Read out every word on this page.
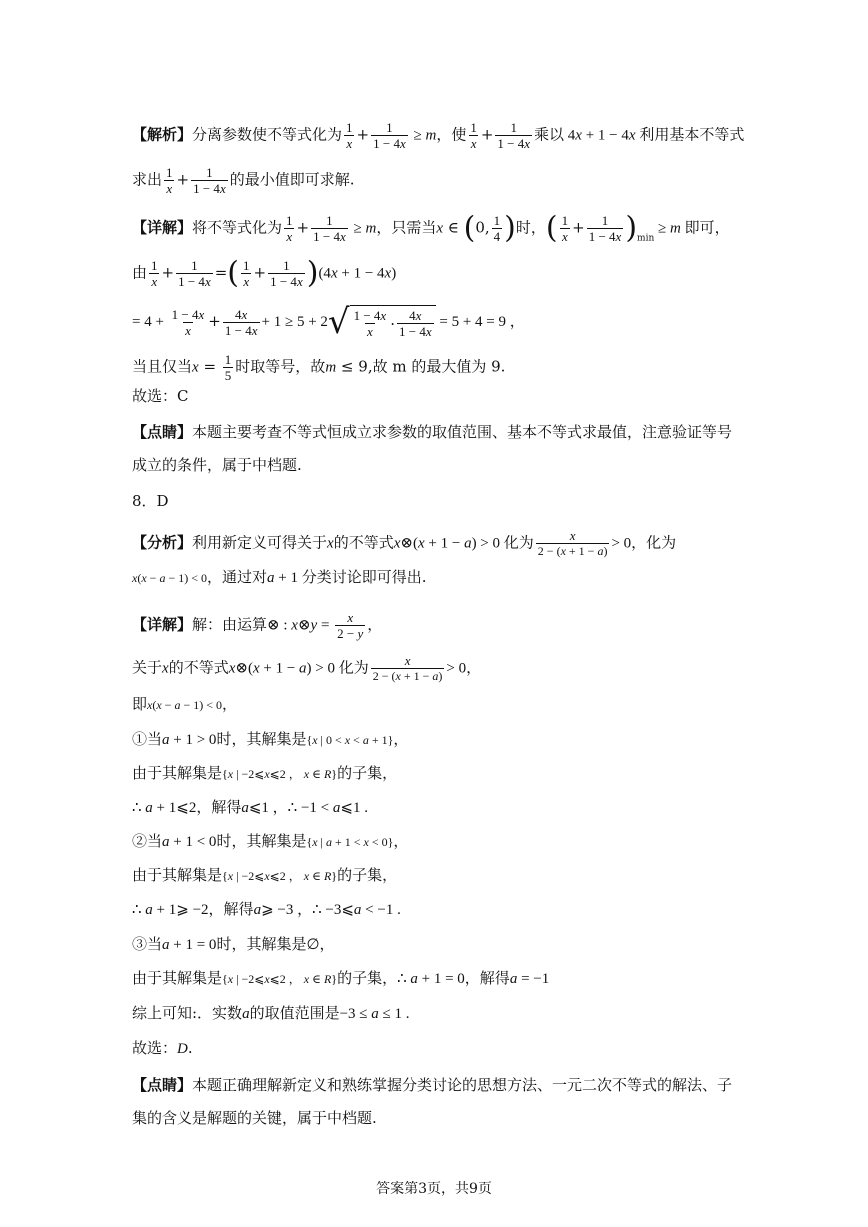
【解析】分离参数使不等式化为 $\frac{1}{x} + \frac{1}{1 - 4x} \ge m$，使 $\frac{1}{x} + \frac{1}{1 - 4x}$ 乘以 4x + 1 − 4x 利用基本不等式
求出 $\frac{1}{x} + \frac{1}{1 - 4x}$ 的最小值即可求解.
【详解】将不等式化为 $\frac{1}{x} + \frac{1}{1 - 4x} \ge m$，只需当x ∈ (0, $\frac{1}{4}$ )时，( $\frac{1}{x} + \frac{1}{1 - 4x} )_{min} \ge m$ 即可，
由 $\frac{1}{x} + \frac{1}{1 - 4x}$ =( $\frac{1}{x} + \frac{1}{1 - 4x} )(4x + 1 - 4x)$
= $4 + \frac{1 - 4x}{x} + \frac{4x}{1 - 4x} + 1 \ge 5 + 2$ √ $\frac{1 - 4x}{x} \cdot \frac{4x}{1 - 4x} = 5 + 4 = 9$ ，
当且仅当$x = \frac{1}{5}$ 时取等号，故m ≤ 9,故 m 的最大值为 9.
故选：C
【点睛】本题主要考查不等式恒成立求参数的取值范围、基本不等式求最值，注意验证等号
成立的条件，属于中档题.
8．D
【分析】利用新定义可得关于x的不等式x⊗(x + 1 − a) > 0 化为 $\frac{x}{2 - (x + 1 - a)} > 0$，化为
x(x − a − 1) < 0，通过对a + 1 分类讨论即可得出.
【详解】解：由运算⊗ : x⊗y = $\frac{x}{2 - y}$ ，
关于x的不等式x⊗(x + 1 − a) > 0 化为 $\frac{x}{2 - (x + 1 - a)} > 0$，
即x(x − a − 1) < 0，
①当a + 1 > 0时，其解集是{x | 0 < x < a + 1}，
由于其解集是{x | −2⩽x⩽2 ， x ∈ R}的子集，
∴ a + 1⩽2，解得a⩽1 ，∴ −1 < a⩽1 .
②当a + 1 < 0时，其解集是{x | a + 1 < x < 0}，
由于其解集是{x | −2⩽x⩽2 ， x ∈ R}的子集，
∴ a + 1⩾ −2，解得a⩾ −3 ，∴ −3⩽a < −1 .
③当a + 1 = 0时，其解集是∅，
由于其解集是{x | −2⩽x⩽2 ， x ∈ R}的子集，∴ a + 1 = 0，解得a = −1
综上可知:．实数a的取值范围是−3 ≤ a ≤ 1 .
故选：D.
【点睛】本题正确理解新定义和熟练掌握分类讨论的思想方法、一元二次不等式的解法、子
集的含义是解题的关键，属于中档题.
答案第3页，共9页
